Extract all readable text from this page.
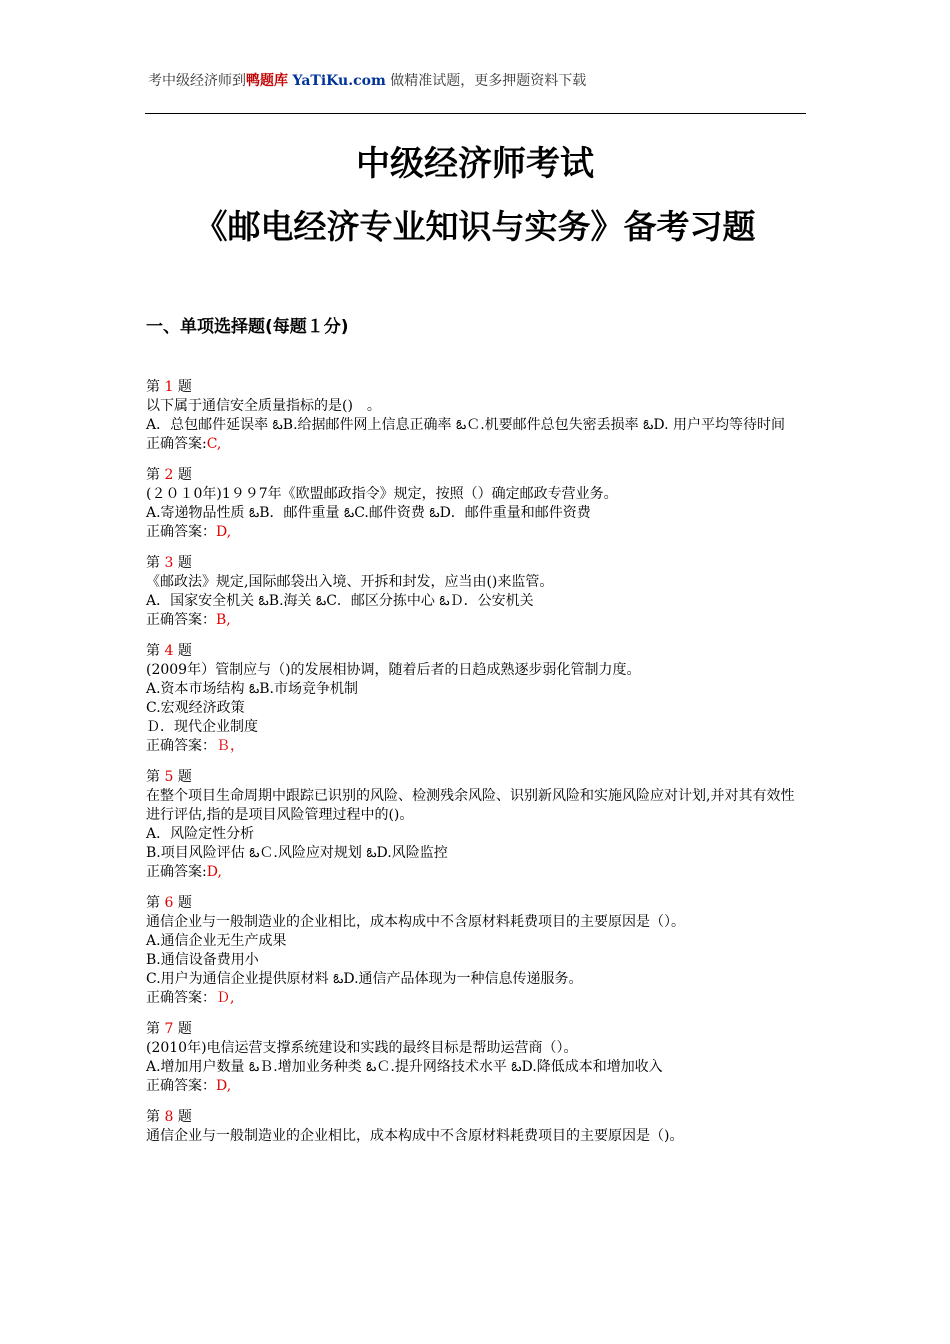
考中级经济师到鸭题库 YaTiKu.com 做精准试题，更多押题资料下载
中级经济师考试
《邮电经济专业知识与实务》备考习题
一、单项选择题(每题１分)
第 1 题
以下属于通信安全质量指标的是()　。
A．总包邮件延误率 ఓB.给据邮件网上信息正确率 ఓＣ.机要邮件总包失密丢损率 ఓD. 用户平均等待时间
正确答案:C,
第 2 题
(２０１0年)1９９7年《欧盟邮政指令》规定，按照（）确定邮政专营业务。
A.寄递物品性质 ఓB．邮件重量 ఓC.邮件资费 ఓD．邮件重量和邮件资费
正确答案：D,
第 3 题
《邮政法》规定,国际邮袋出入境、开拆和封发，应当由()来监管。
A．国家安全机关 ఓB.海关 ఓC．邮区分拣中心 ఓＤ．公安机关
正确答案：B,
第 4 题
(2009年）管制应与（)的发展相协调，随着后者的日趋成熟逐步弱化管制力度。
A.资本市场结构 ఓB.市场竞争机制
C.宏观经济政策
Ｄ．现代企业制度
正确答案：Ｂ，
第 5 题
在整个项目生命周期中跟踪已识别的风险、检测残余风险、识别新风险和实施风险应对计划,并对其有效性进行评估,指的是项目风险管理过程中的()。
A．风险定性分析
B.项目风险评估 ఓＣ.风险应对规划 ఓD.风险监控
正确答案:D,
第 6 题
通信企业与一般制造业的企业相比，成本构成中不含原材料耗费项目的主要原因是（）。
A.通信企业无生产成果
B.通信设备费用小
C.用户为通信企业提供原材料 ఓD.通信产品体现为一种信息传递服务。
正确答案：Ｄ,
第 7 题
(2010年)电信运营支撑系统建设和实践的最终目标是帮助运营商（）。
A.增加用户数量 ఓＢ.增加业务种类 ఓＣ.提升网络技术水平 ఓD.降低成本和增加收入
正确答案：D,
第 8 题
通信企业与一般制造业的企业相比，成本构成中不含原材料耗费项目的主要原因是（)。
